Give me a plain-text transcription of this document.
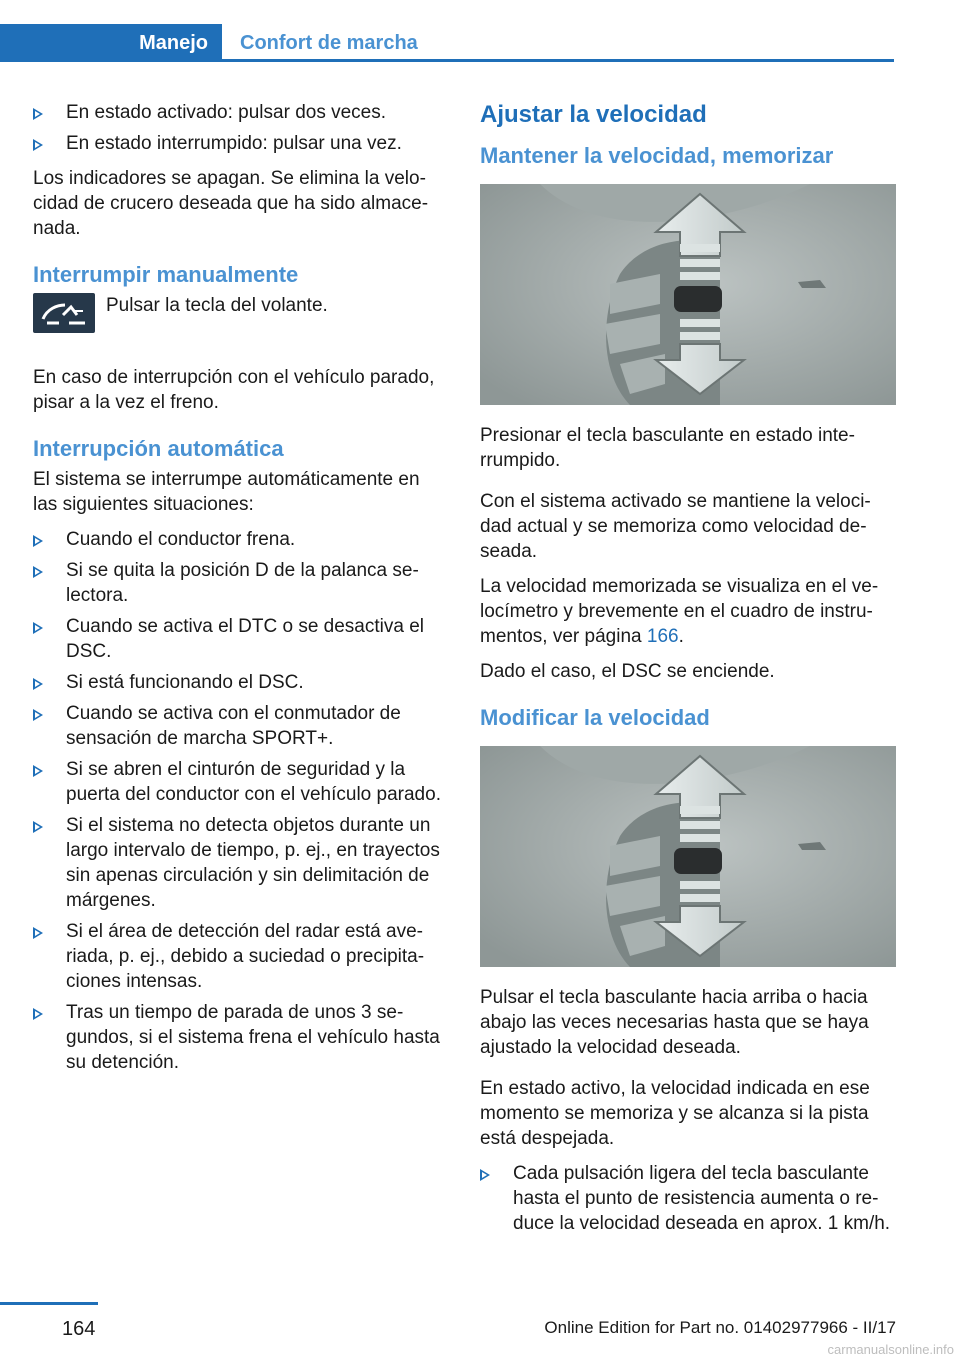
Manejo	Confort de marcha
En estado activado: pulsar dos veces.
En estado interrumpido: pulsar una vez.

Los indicadores se apagan. Se elimina la velocidad de crucero deseada que ha sido almacenada.

Interrumpir manualmente
Pulsar la tecla del volante.

En caso de interrupción con el vehículo parado, pisar a la vez el freno.

Interrupción automática

El sistema se interrumpe automáticamente en las siguientes situaciones:

Cuando el conductor frena.
Si se quita la posición D de la palanca selectora.
Cuando se activa el DTC o se desactiva el DSC.
Si está funcionando el DSC.
Cuando se activa con el conmutador de sensación de marcha SPORT+.
Si se abren el cinturón de seguridad y la puerta del conductor con el vehículo parado.
Si el sistema no detecta objetos durante un largo intervalo de tiempo, p. ej., en trayectos sin apenas circulación y sin delimitación de márgenes.
Si el área de detección del radar está averiada, p. ej., debido a suciedad o precipitaciones intensas.
Tras un tiempo de parada de unos 3 segundos, si el sistema frena el vehículo hasta su detención.
Ajustar la velocidad
Mantener la velocidad, memorizar

Presionar el tecla basculante en estado interrumpido.

Con el sistema activado se mantiene la velocidad actual y se memoriza como velocidad deseada.

La velocidad memorizada se visualiza en el velocímetro y brevemente en el cuadro de instrumentos, ver página 166.

Dado el caso, el DSC se enciende.

Modificar la velocidad

Pulsar el tecla basculante hacia arriba o hacia abajo las veces necesarias hasta que se haya ajustado la velocidad deseada.

En estado activo, la velocidad indicada en ese momento se memoriza y se alcanza si la pista está despejada.

Cada pulsación ligera del tecla basculante hasta el punto de resistencia aumenta o reduce la velocidad deseada en aprox. 1 km/h.
164	Online Edition for Part no. 01402977966 - II/17
carmanualsonline.info
